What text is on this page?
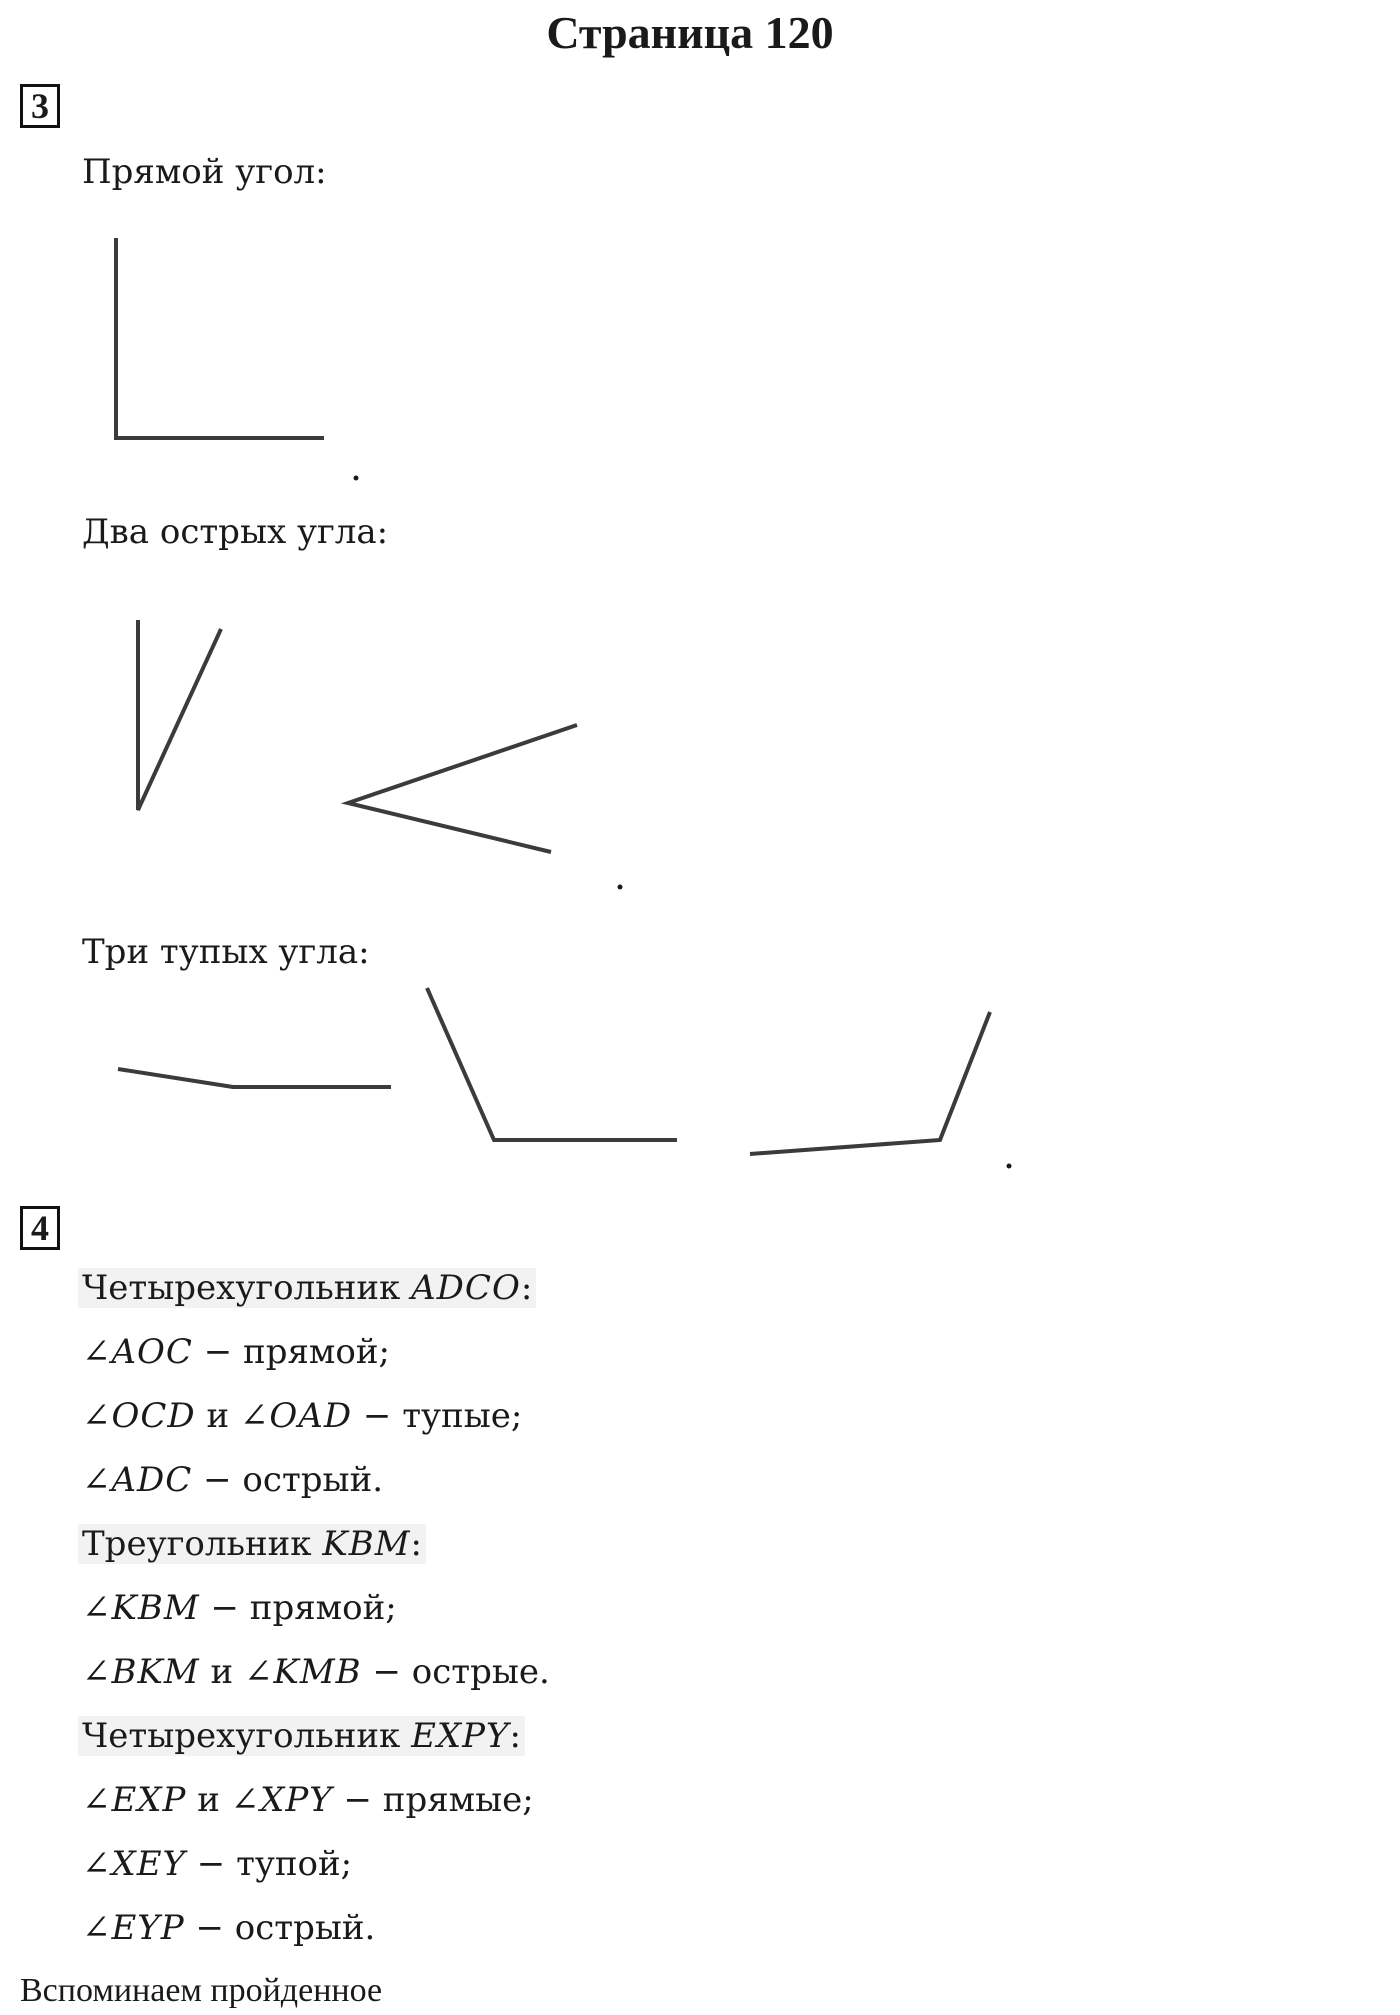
Страница 120
3
Прямой угол:
Два острых угла:
Три тупых угла:
4
Четырехугольник ADCO:
∠AOC − прямой;
∠OCD и ∠OAD − тупые;
∠ADC − острый.
Треугольник KBM:
∠KBM − прямой;
∠BKM и ∠KMB − острые.
Четырехугольник EXPY:
∠EXP и ∠XPY − прямые;
∠XEY − тупой;
∠EYP − острый.
Вспоминаем пройденное
